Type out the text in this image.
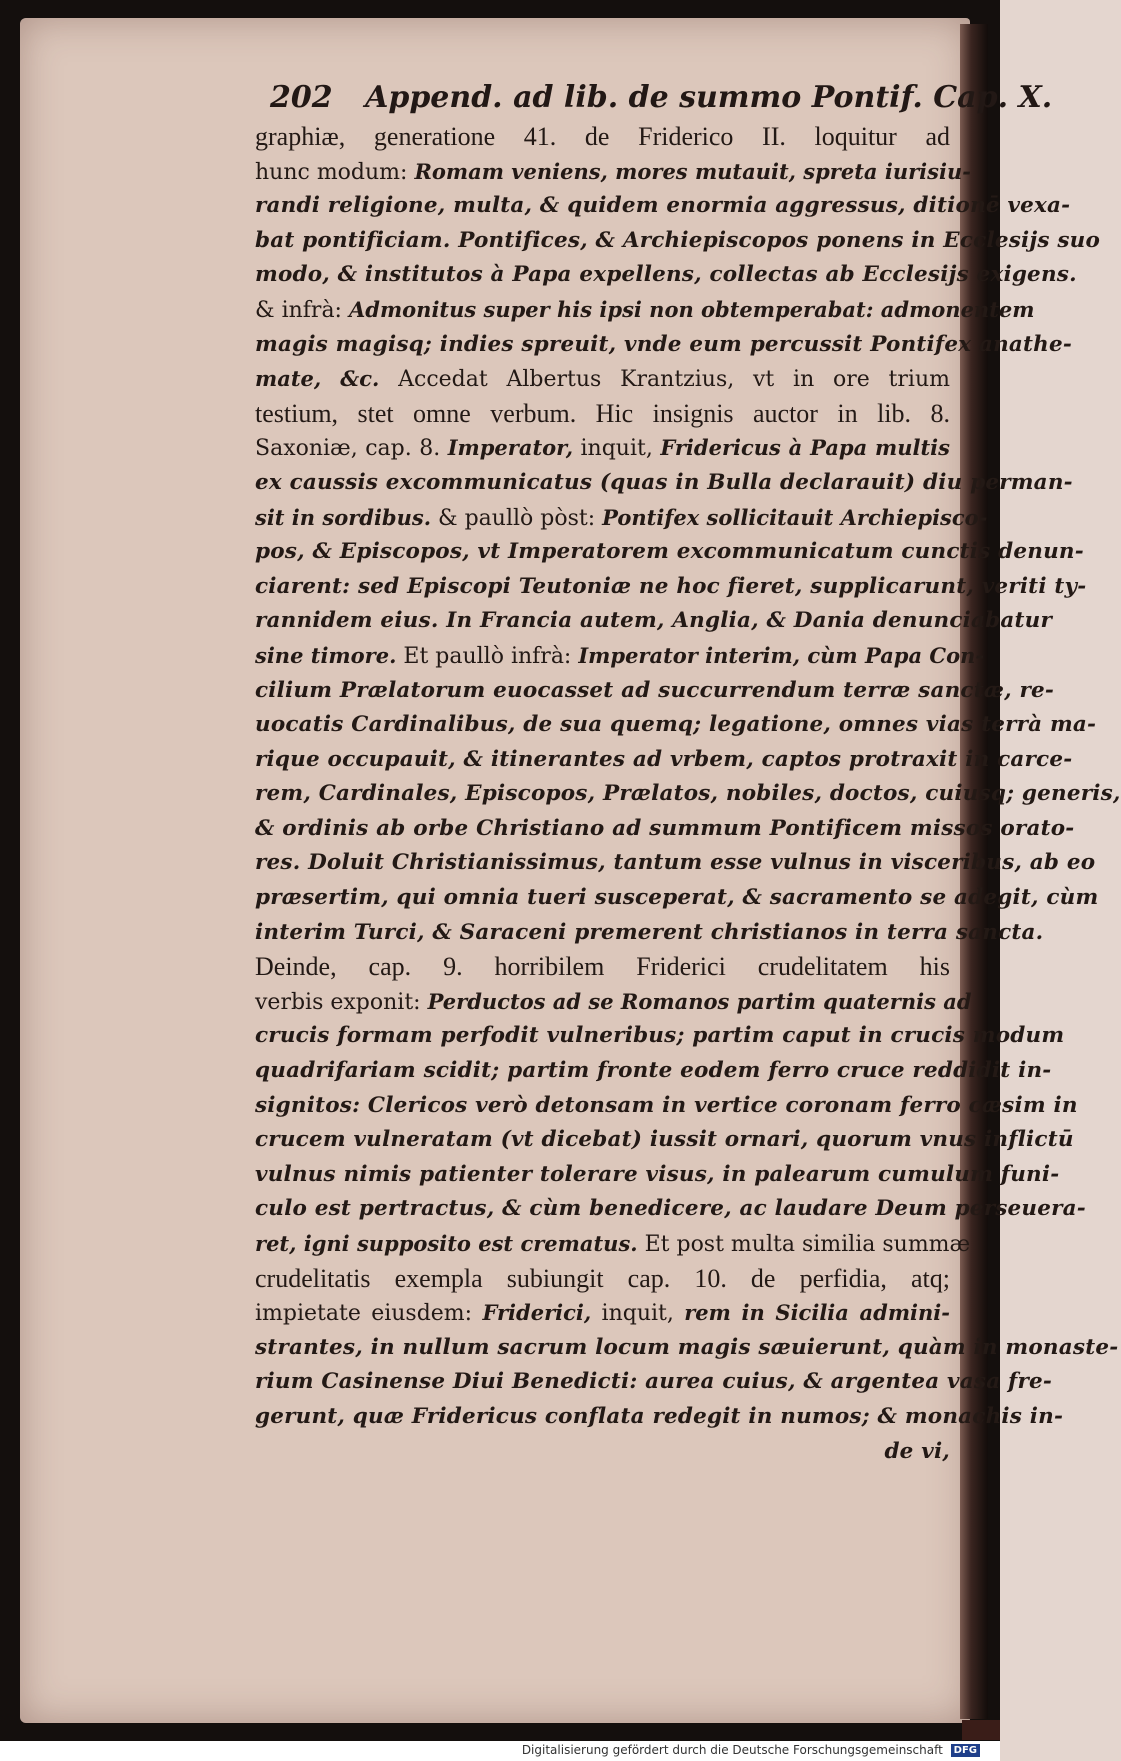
202 Append. ad lib. de summo Pontif. Cap. X.
graphiæ, generatione 41. de Friderico II. loquitur ad
hunc modum: Romam veniens, mores mutauit, spreta iurisiu-
randi religione, multa, & quidem enormia aggressus, ditionē vexa-
bat pontificiam. Pontifices, & Archiepiscopos ponens in Ecclesijs suo
modo, & institutos à Papa expellens, collectas ab Ecclesijs exigens.
& infrà: Admonitus super his ipsi non obtemperabat: admonentem
magis magisq; indies spreuit, vnde eum percussit Pontifex anathe-
mate, &c. Accedat Albertus Krantzius, vt in ore trium
testium, stet omne verbum. Hic insignis auctor in lib. 8.
Saxoniæ, cap. 8. Imperator, inquit, Fridericus à Papa multis
ex caussis excommunicatus (quas in Bulla declarauit) diu perman-
sit in sordibus. & paullò pòst: Pontifex sollicitauit Archiepisco-
pos, & Episcopos, vt Imperatorem excommunicatum cunctis denun-
ciarent: sed Episcopi Teutoniæ ne hoc fieret, supplicarunt, veriti ty-
rannidem eius. In Francia autem, Anglia, & Dania denunciabatur
sine timore. Et paullò infrà: Imperator interim, cùm Papa Con-
cilium Prælatorum euocasset ad succurrendum terræ sanctæ, re-
uocatis Cardinalibus, de sua quemq; legatione, omnes vias terrà ma-
rique occupauit, & itinerantes ad vrbem, captos protraxit in carce-
rem, Cardinales, Episcopos, Prælatos, nobiles, doctos, cuiusq; generis,
& ordinis ab orbe Christiano ad summum Pontificem missos orato-
res. Doluit Christianissimus, tantum esse vulnus in visceribus, ab eo
præsertim, qui omnia tueri susceperat, & sacramento se adegit, cùm
interim Turci, & Saraceni premerent christianos in terra sancta.
Deinde, cap. 9. horribilem Friderici crudelitatem his
verbis exponit: Perductos ad se Romanos partim quaternis ad
crucis formam perfodit vulneribus; partim caput in crucis modum
quadrifariam scidit; partim fronte eodem ferro cruce reddidit in-
signitos: Clericos verò detonsam in vertice coronam ferro cæsim in
crucem vulneratam (vt dicebat) iussit ornari, quorum vnus inflictū
vulnus nimis patienter tolerare visus, in palearum cumulum funi-
culo est pertractus, & cùm benedicere, ac laudare Deum perseuera-
ret, igni supposito est crematus. Et post multa similia summæ
crudelitatis exempla subiungit cap. 10. de perfidia, atq;
impietate eiusdem: Friderici, inquit, rem in Sicilia admini-
strantes, in nullum sacrum locum magis sæuierunt, quàm in monaste-
rium Casinense Diui Benedicti: aurea cuius, & argentea vasa fre-
gerunt, quæ Fridericus conflata redegit in numos; & monachis in-
de vi,
Digitalisierung gefördert durch die Deutsche Forschungsgemeinschaft DFG
